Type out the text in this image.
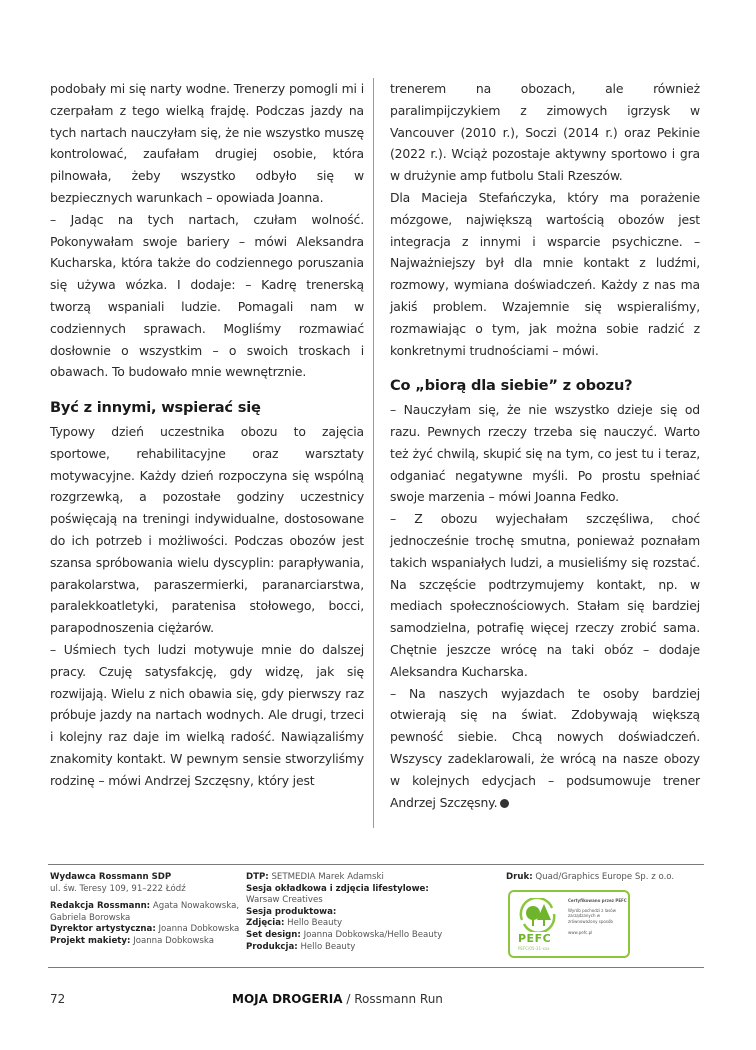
podobały mi się narty wodne. Trenerzy pomogli mi i czerpałam z tego wielką frajdę. Podczas jazdy na tych nartach nauczyłam się, że nie wszystko muszę kontrolować, zaufałam drugiej osobie, która pilnowała, żeby wszystko odbyło się w bezpiecznych warunkach – opowiada Joanna.

– Jadąc na tych nartach, czułam wolność. Pokonywałam swoje bariery – mówi Aleksandra Kucharska, która także do codziennego poruszania się używa wózka. I dodaje: – Kadrę trenerską tworzą wspaniali ludzie. Pomagali nam w codziennych sprawach. Mogliśmy rozmawiać dosłownie o wszystkim – o swoich troskach i obawach. To budowało mnie wewnętrznie.

Być z innymi, wspierać się

Typowy dzień uczestnika obozu to zajęcia sportowe, rehabilitacyjne oraz warsztaty motywacyjne. Każdy dzień rozpoczyna się wspólną rozgrzewką, a pozostałe godziny uczestnicy poświęcają na treningi indywidualne, dostosowane do ich potrzeb i możliwości. Podczas obozów jest szansa spróbowania wielu dyscyplin: parapływania, parakolarstwa, paraszermierki, paranarciarstwa, paralekkoatletyki, paratenisa stołowego, bocci, parapodnoszenia ciężarów.

– Uśmiech tych ludzi motywuje mnie do dalszej pracy. Czuję satysfakcję, gdy widzę, jak się rozwijają. Wielu z nich obawia się, gdy pierwszy raz próbuje jazdy na nartach wodnych. Ale drugi, trzeci i kolejny raz daje im wielką radość. Nawiązaliśmy znakomity kontakt. W pewnym sensie stworzyliśmy rodzinę – mówi Andrzej Szczęsny, który jest

trenerem na obozach, ale również paralimpijczykiem z zimowych igrzysk w Vancouver (2010 r.), Soczi (2014 r.) oraz Pekinie (2022 r.). Wciąż pozostaje aktywny sportowo i gra w drużynie amp futbolu Stali Rzeszów.

Dla Macieja Stefańczyka, który ma porażenie mózgowe, największą wartością obozów jest integracja z innymi i wsparcie psychiczne. – Najważniejszy był dla mnie kontakt z ludźmi, rozmowy, wymiana doświadczeń. Każdy z nas ma jakiś problem. Wzajemnie się wspieraliśmy, rozmawiając o tym, jak można sobie radzić z konkretnymi trudnościami – mówi.

Co „biorą dla siebie” z obozu?

– Nauczyłam się, że nie wszystko dzieje się od razu. Pewnych rzeczy trzeba się nauczyć. Warto też żyć chwilą, skupić się na tym, co jest tu i teraz, odganiać negatywne myśli. Po prostu spełniać swoje marzenia – mówi Joanna Fedko.

– Z obozu wyjechałam szczęśliwa, choć jednocześnie trochę smutna, ponieważ poznałam takich wspaniałych ludzi, a musieliśmy się rozstać. Na szczęście podtrzymujemy kontakt, np. w mediach społecznościowych. Stałam się bardziej samodzielna, potrafię więcej rzeczy zrobić sama. Chętnie jeszcze wrócę na taki obóz – dodaje Aleksandra Kucharska.

– Na naszych wyjazdach te osoby bardziej otwierają się na świat. Zdobywają większą pewność siebie. Chcą nowych doświadczeń. Wszyscy zadeklarowali, że wrócą na nasze obozy w kolejnych edycjach – podsumowuje trener Andrzej Szczęsny.

Wydawca Rossmann SDP
ul. św. Teresy 109, 91–222 Łódź
Redakcja Rossmann: Agata Nowakowska, Gabriela Borowska
Dyrektor artystyczna: Joanna Dobkowska
Projekt makiety: Joanna Dobkowska
DTP: SETMEDIA Marek Adamski
Sesja okładkowa i zdjęcia lifestylowe:
Warsaw Creatives
Sesja produktowa:
Zdjęcia: Hello Beauty
Set design: Joanna Dobkowska/Hello Beauty
Produkcja: Hello Beauty
Druk: Quad/Graphics Europe Sp. z o.o.
PEFC
PEFC/05-31-xxx
Certyfikowano przez PEFC
Wyrób pochodzi z lasów zarządzanych w zrównoważony sposób
www.pefc.pl
72	MOJA DROGERIA / Rossmann Run
